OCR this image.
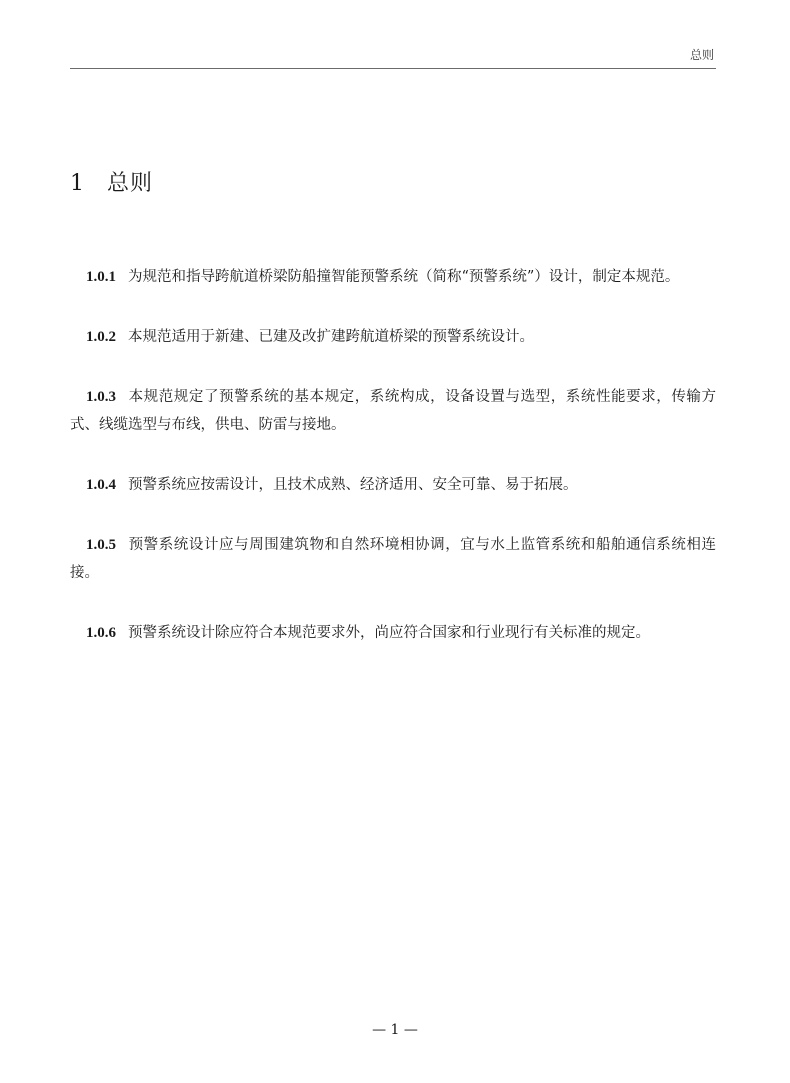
总则
1 总则

1.0.1 为规范和指导跨航道桥梁防船撞智能预警系统（简称“预警系统”）设计，制定本规范。

1.0.2 本规范适用于新建、已建及改扩建跨航道桥梁的预警系统设计。

1.0.3 本规范规定了预警系统的基本规定，系统构成，设备设置与选型，系统性能要求，传输方式、线缆选型与布线，供电、防雷与接地。

1.0.4 预警系统应按需设计，且技术成熟、经济适用、安全可靠、易于拓展。

1.0.5 预警系统设计应与周围建筑物和自然环境相协调，宜与水上监管系统和船舶通信系统相连接。

1.0.6 预警系统设计除应符合本规范要求外，尚应符合国家和行业现行有关标准的规定。

— 1 —
